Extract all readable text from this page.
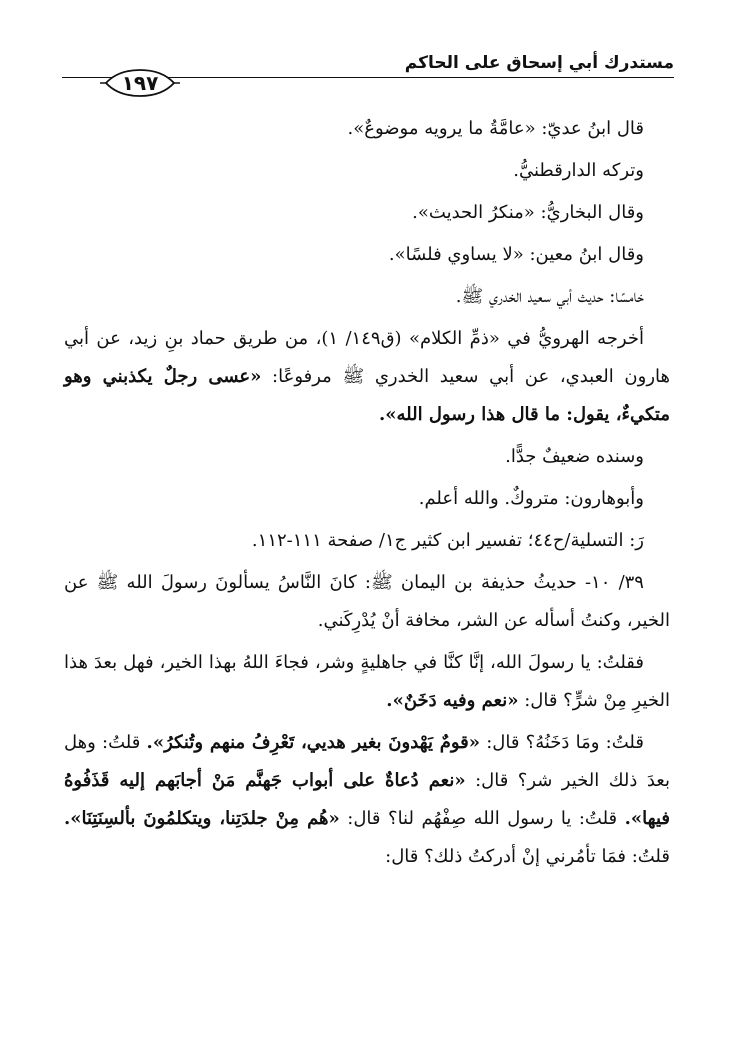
مستدرك أبي إسحاق على الحاكم
١٩٧

قال ابنُ عديّ: «عامَّةُ ما يرويه موضوعٌ».

وتركه الدارقطنيُّ.

وقال البخاريُّ: «منكرُ الحديث».

وقال ابنُ معين: «لا يساوي فلسًا».

خامسًا: حديث أبي سعيد الخدري ﷺ.

أخرجه الهرويُّ في «ذمِّ الكلام» (ق١٤٩/ ١)، من طريق حماد بنِ زيد، عن أبي هارون العبدي، عن أبي سعيد الخدري ﷺ مرفوعًا: «عسى رجلٌ يكذبني وهو متكيءٌ، يقول: ما قال هذا رسول الله».

وسنده ضعيفٌ جدًّا.

وأبوهارون: متروكٌ. والله أعلم.

رَ: التسلية/ح٤٤؛ تفسير ابن كثير ج١/ صفحة ١١١-١١٢.

٣٩/ ١٠- حديثُ حذيفة بن اليمان ﷺ: كانَ النَّاسُ يسألونَ رسولَ الله ﷺ عن الخير، وكنتُ أسأله عن الشر، مخافة أنْ يُدْرِكَني.

فقلتُ: يا رسولَ الله، إنَّا كنَّا في جاهليةٍ وشر، فجاءَ اللهُ بهذا الخير، فهل بعدَ هذا الخيرِ مِنْ شرٍّ؟ قال: «نعم وفيه دَخَنٌ».

قلتُ: ومَا دَخَنُهُ؟ قال: «قومٌ يَهْدونَ بغير هديي، تَعْرِفُ منهم وتُنكرُ». قلتُ: وهل بعدَ ذلك الخير شر؟ قال: «نعم دُعاةٌ على أبواب جَهنَّم مَنْ أجابَهم إليه قَذَفُوهُ فيها». قلتُ: يا رسول الله صِفْهُم لنا؟ قال: «هُم مِنْ جلدَتِنا، ويتكلمُونَ بألسِنَتِنَا». قلتُ: فمَا تأمُرني إنْ أدركتُ ذلك؟ قال:
